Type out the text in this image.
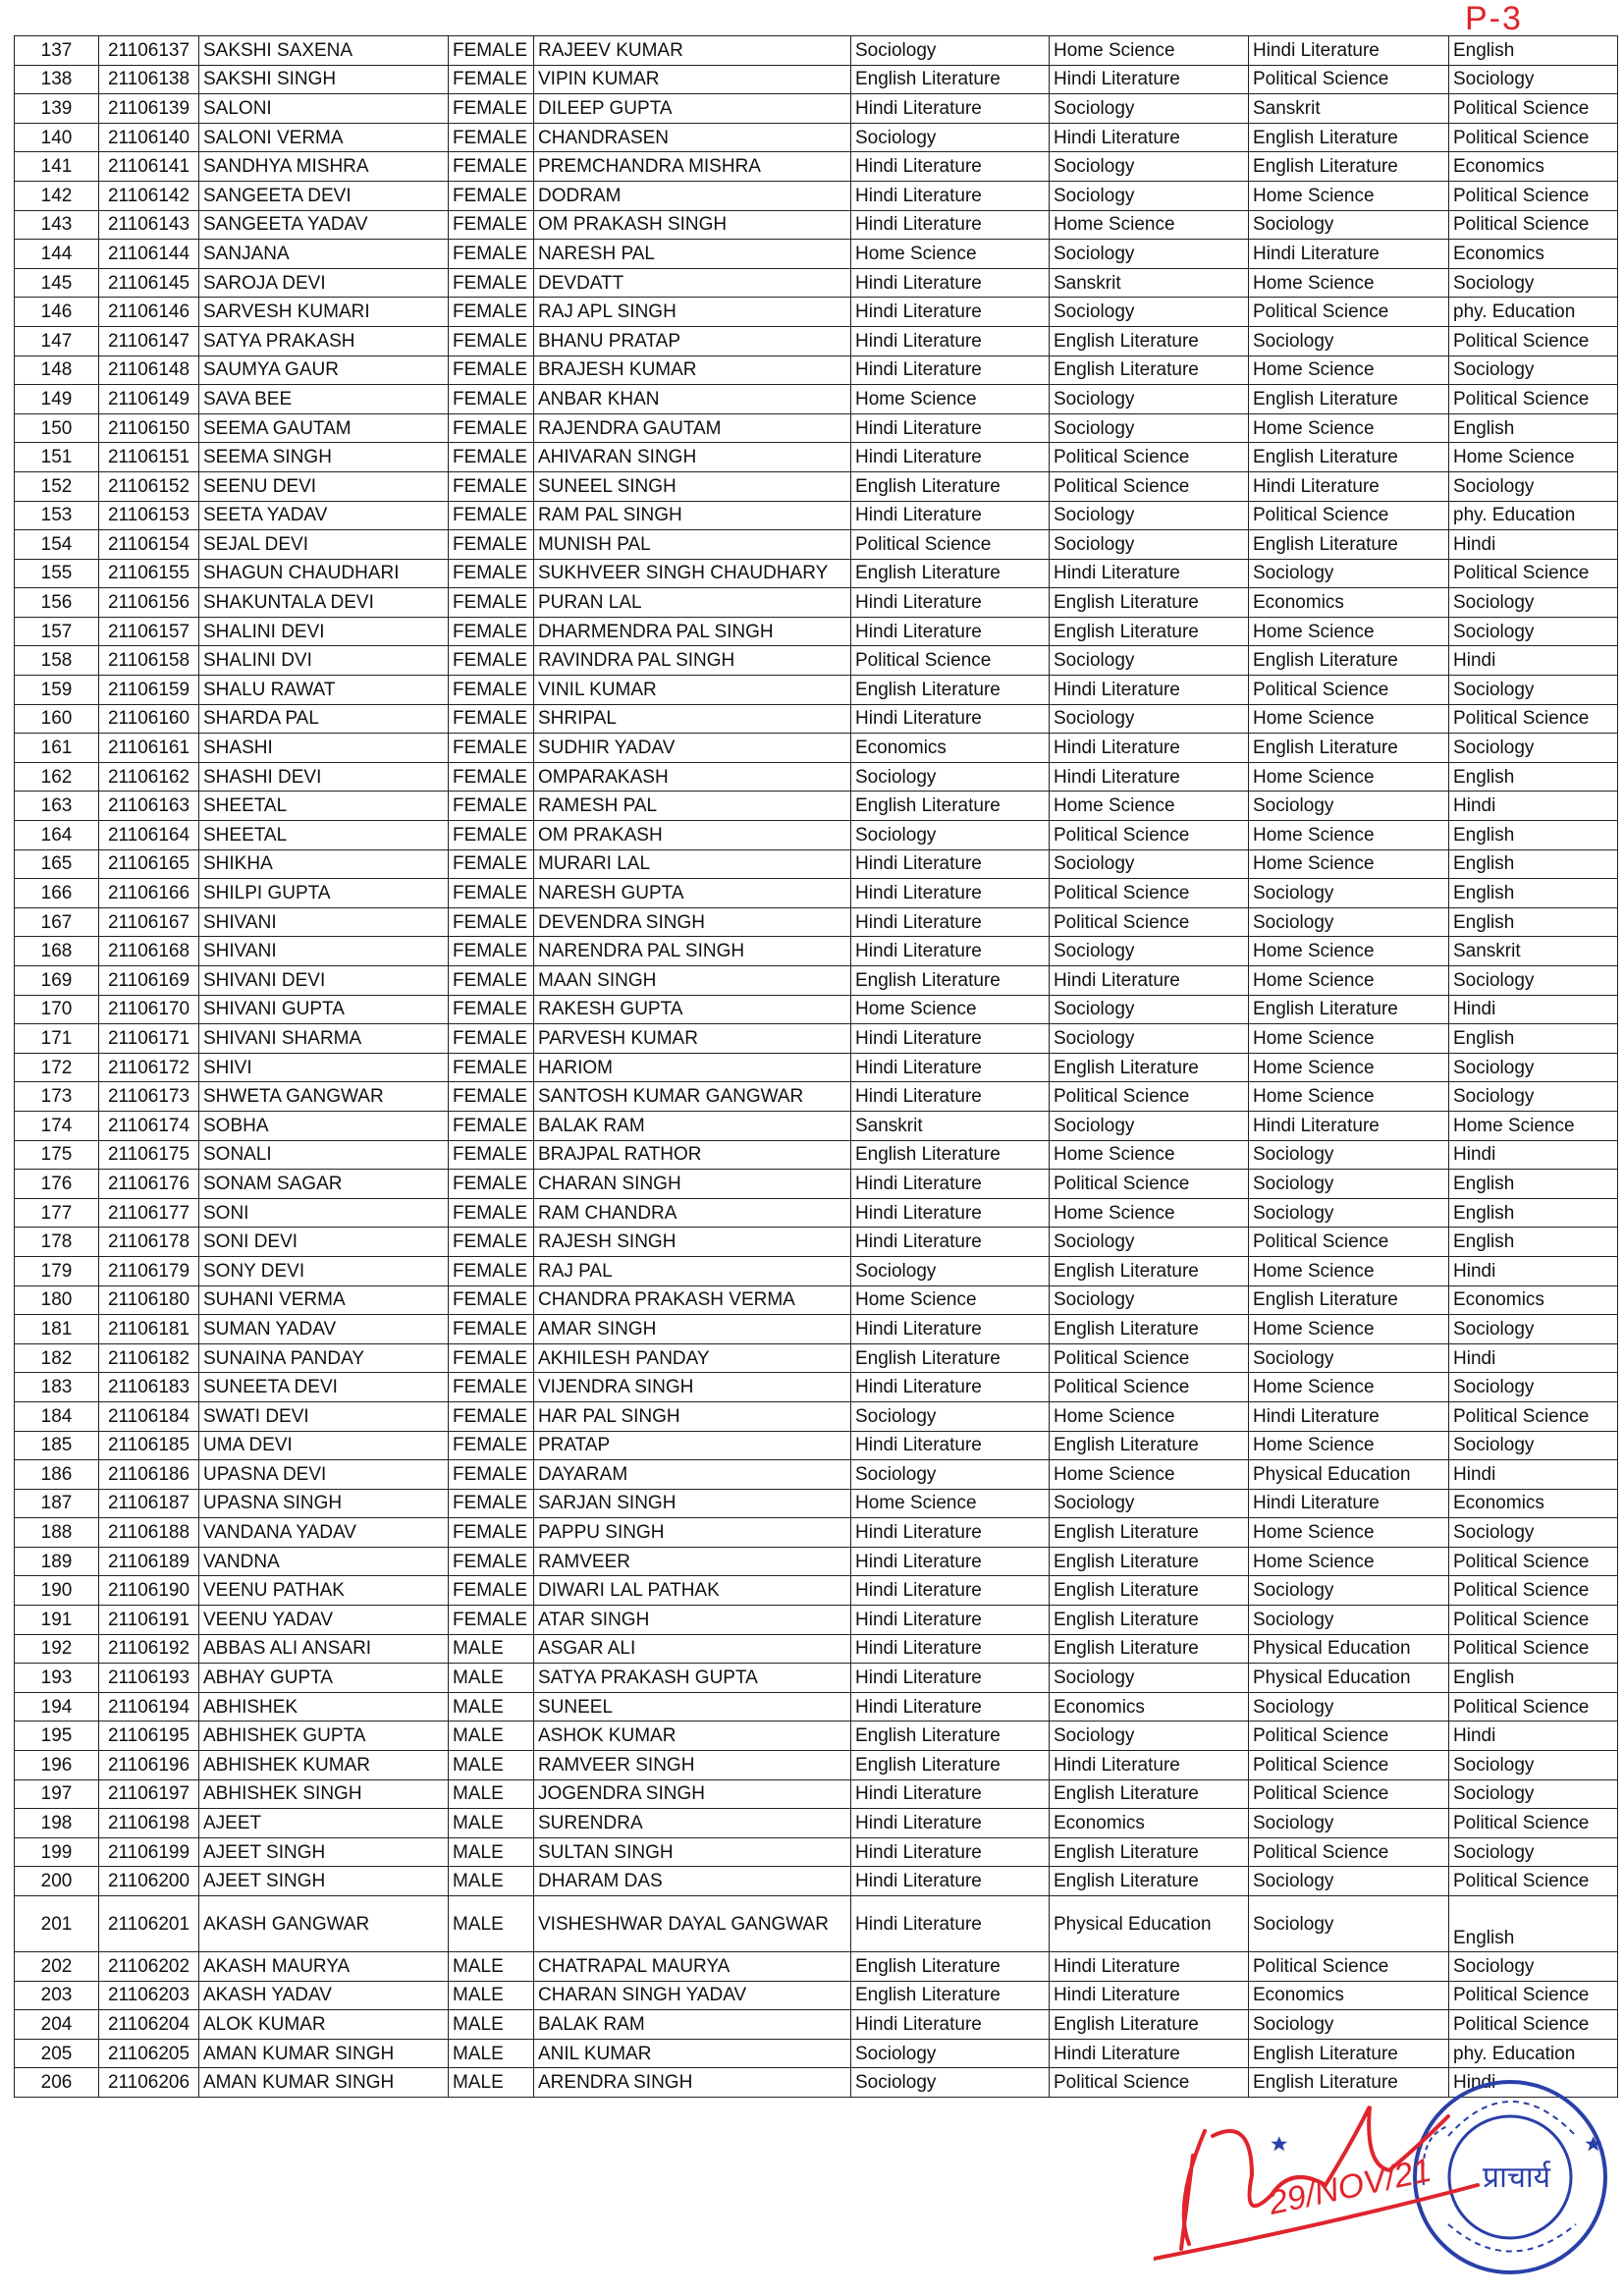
P-3
137	21106137	SAKSHI SAXENA	FEMALE	RAJEEV KUMAR	Sociology	Home Science	Hindi Literature	English
138	21106138	SAKSHI SINGH	FEMALE	VIPIN KUMAR	English Literature	Hindi Literature	Political Science	Sociology
139	21106139	SALONI	FEMALE	DILEEP GUPTA	Hindi Literature	Sociology	Sanskrit	Political Science
140	21106140	SALONI VERMA	FEMALE	CHANDRASEN	Sociology	Hindi Literature	English Literature	Political Science
141	21106141	SANDHYA MISHRA	FEMALE	PREMCHANDRA MISHRA	Hindi Literature	Sociology	English Literature	Economics
142	21106142	SANGEETA DEVI	FEMALE	DODRAM	Hindi Literature	Sociology	Home Science	Political Science
143	21106143	SANGEETA YADAV	FEMALE	OM PRAKASH SINGH	Hindi Literature	Home Science	Sociology	Political Science
144	21106144	SANJANA	FEMALE	NARESH PAL	Home Science	Sociology	Hindi Literature	Economics
145	21106145	SAROJA DEVI	FEMALE	DEVDATT	Hindi Literature	Sanskrit	Home Science	Sociology
146	21106146	SARVESH KUMARI	FEMALE	RAJ APL SINGH	Hindi Literature	Sociology	Political Science	phy. Education
147	21106147	SATYA PRAKASH	FEMALE	BHANU PRATAP	Hindi Literature	English Literature	Sociology	Political Science
148	21106148	SAUMYA GAUR	FEMALE	BRAJESH KUMAR	Hindi Literature	English Literature	Home Science	Sociology
149	21106149	SAVA BEE	FEMALE	ANBAR KHAN	Home Science	Sociology	English Literature	Political Science
150	21106150	SEEMA GAUTAM	FEMALE	RAJENDRA GAUTAM	Hindi Literature	Sociology	Home Science	English
151	21106151	SEEMA SINGH	FEMALE	AHIVARAN SINGH	Hindi Literature	Political Science	English Literature	Home Science
152	21106152	SEENU DEVI	FEMALE	SUNEEL SINGH	English Literature	Political Science	Hindi Literature	Sociology
153	21106153	SEETA YADAV	FEMALE	RAM PAL SINGH	Hindi Literature	Sociology	Political Science	phy. Education
154	21106154	SEJAL DEVI	FEMALE	MUNISH PAL	Political Science	Sociology	English Literature	Hindi
155	21106155	SHAGUN CHAUDHARI	FEMALE	SUKHVEER SINGH CHAUDHARY	English Literature	Hindi Literature	Sociology	Political Science
156	21106156	SHAKUNTALA DEVI	FEMALE	PURAN LAL	Hindi Literature	English Literature	Economics	Sociology
157	21106157	SHALINI DEVI	FEMALE	DHARMENDRA PAL SINGH	Hindi Literature	English Literature	Home Science	Sociology
158	21106158	SHALINI DVI	FEMALE	RAVINDRA PAL SINGH	Political Science	Sociology	English Literature	Hindi
159	21106159	SHALU RAWAT	FEMALE	VINIL KUMAR	English Literature	Hindi Literature	Political Science	Sociology
160	21106160	SHARDA PAL	FEMALE	SHRIPAL	Hindi Literature	Sociology	Home Science	Political Science
161	21106161	SHASHI	FEMALE	SUDHIR YADAV	Economics	Hindi Literature	English Literature	Sociology
162	21106162	SHASHI DEVI	FEMALE	OMPARAKASH	Sociology	Hindi Literature	Home Science	English
163	21106163	SHEETAL	FEMALE	RAMESH PAL	English Literature	Home Science	Sociology	Hindi
164	21106164	SHEETAL	FEMALE	OM PRAKASH	Sociology	Political Science	Home Science	English
165	21106165	SHIKHA	FEMALE	MURARI LAL	Hindi Literature	Sociology	Home Science	English
166	21106166	SHILPI GUPTA	FEMALE	NARESH GUPTA	Hindi Literature	Political Science	Sociology	English
167	21106167	SHIVANI	FEMALE	DEVENDRA SINGH	Hindi Literature	Political Science	Sociology	English
168	21106168	SHIVANI	FEMALE	NARENDRA PAL SINGH	Hindi Literature	Sociology	Home Science	Sanskrit
169	21106169	SHIVANI DEVI	FEMALE	MAAN SINGH	English Literature	Hindi Literature	Home Science	Sociology
170	21106170	SHIVANI GUPTA	FEMALE	RAKESH GUPTA	Home Science	Sociology	English Literature	Hindi
171	21106171	SHIVANI SHARMA	FEMALE	PARVESH KUMAR	Hindi Literature	Sociology	Home Science	English
172	21106172	SHIVI	FEMALE	HARIOM	Hindi Literature	English Literature	Home Science	Sociology
173	21106173	SHWETA GANGWAR	FEMALE	SANTOSH KUMAR GANGWAR	Hindi Literature	Political Science	Home Science	Sociology
174	21106174	SOBHA	FEMALE	BALAK RAM	Sanskrit	Sociology	Hindi Literature	Home Science
175	21106175	SONALI	FEMALE	BRAJPAL RATHOR	English Literature	Home Science	Sociology	Hindi
176	21106176	SONAM SAGAR	FEMALE	CHARAN SINGH	Hindi Literature	Political Science	Sociology	English
177	21106177	SONI	FEMALE	RAM CHANDRA	Hindi Literature	Home Science	Sociology	English
178	21106178	SONI DEVI	FEMALE	RAJESH SINGH	Hindi Literature	Sociology	Political Science	English
179	21106179	SONY DEVI	FEMALE	RAJ PAL	Sociology	English Literature	Home Science	Hindi
180	21106180	SUHANI VERMA	FEMALE	CHANDRA PRAKASH VERMA	Home Science	Sociology	English Literature	Economics
181	21106181	SUMAN YADAV	FEMALE	AMAR SINGH	Hindi Literature	English Literature	Home Science	Sociology
182	21106182	SUNAINA PANDAY	FEMALE	AKHILESH PANDAY	English Literature	Political Science	Sociology	Hindi
183	21106183	SUNEETA DEVI	FEMALE	VIJENDRA SINGH	Hindi Literature	Political Science	Home Science	Sociology
184	21106184	SWATI DEVI	FEMALE	HAR PAL SINGH	Sociology	Home Science	Hindi Literature	Political Science
185	21106185	UMA DEVI	FEMALE	PRATAP	Hindi Literature	English Literature	Home Science	Sociology
186	21106186	UPASNA DEVI	FEMALE	DAYARAM	Sociology	Home Science	Physical Education	Hindi
187	21106187	UPASNA SINGH	FEMALE	SARJAN SINGH	Home Science	Sociology	Hindi Literature	Economics
188	21106188	VANDANA YADAV	FEMALE	PAPPU SINGH	Hindi Literature	English Literature	Home Science	Sociology
189	21106189	VANDNA	FEMALE	RAMVEER	Hindi Literature	English Literature	Home Science	Political Science
190	21106190	VEENU PATHAK	FEMALE	DIWARI LAL PATHAK	Hindi Literature	English Literature	Sociology	Political Science
191	21106191	VEENU YADAV	FEMALE	ATAR SINGH	Hindi Literature	English Literature	Sociology	Political Science
192	21106192	ABBAS ALI ANSARI	MALE	ASGAR ALI	Hindi Literature	English Literature	Physical Education	Political Science
193	21106193	ABHAY GUPTA	MALE	SATYA PRAKASH GUPTA	Hindi Literature	Sociology	Physical Education	English
194	21106194	ABHISHEK	MALE	SUNEEL	Hindi Literature	Economics	Sociology	Political Science
195	21106195	ABHISHEK GUPTA	MALE	ASHOK KUMAR	English Literature	Sociology	Political Science	Hindi
196	21106196	ABHISHEK KUMAR	MALE	RAMVEER SINGH	English Literature	Hindi Literature	Political Science	Sociology
197	21106197	ABHISHEK SINGH	MALE	JOGENDRA SINGH	Hindi Literature	English Literature	Political Science	Sociology
198	21106198	AJEET	MALE	SURENDRA	Hindi Literature	Economics	Sociology	Political Science
199	21106199	AJEET SINGH	MALE	SULTAN SINGH	Hindi Literature	English Literature	Political Science	Sociology
200	21106200	AJEET SINGH	MALE	DHARAM DAS	Hindi Literature	English Literature	Sociology	Political Science
201	21106201	AKASH GANGWAR	MALE	VISHESHWAR DAYAL GANGWAR	Hindi Literature	Physical Education	Sociology	English
202	21106202	AKASH MAURYA	MALE	CHATRAPAL MAURYA	English Literature	Hindi Literature	Political Science	Sociology
203	21106203	AKASH YADAV	MALE	CHARAN SINGH YADAV	English Literature	Hindi Literature	Economics	Political Science
204	21106204	ALOK KUMAR	MALE	BALAK RAM	Hindi Literature	English Literature	Sociology	Political Science
205	21106205	AMAN KUMAR SINGH	MALE	ANIL KUMAR	Sociology	Hindi Literature	English Literature	phy. Education
206	21106206	AMAN KUMAR SINGH	MALE	ARENDRA SINGH	Sociology	Political Science	English Literature	Hindi
प्राचार्य
29/NOV/21
